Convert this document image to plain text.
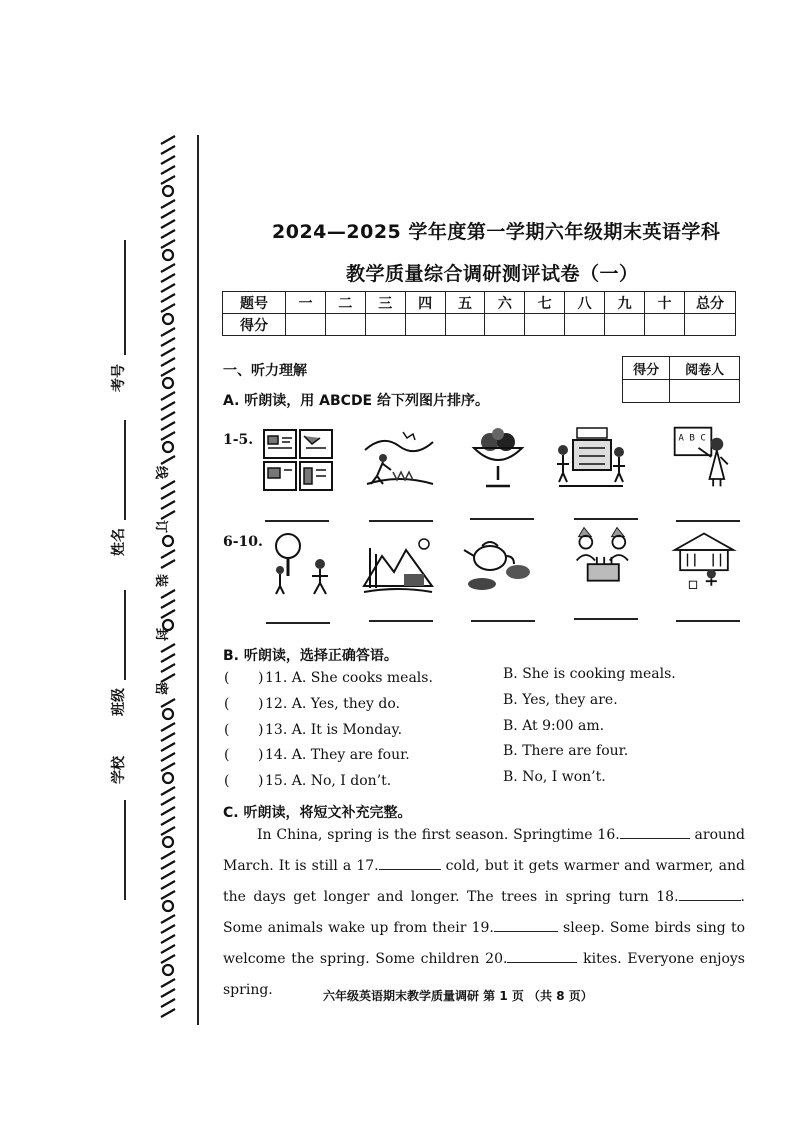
考号
姓名
班级
学校
线
订
装
封
密
2024—2025 学年度第一学期六年级期末英语学科
教学质量综合调研测评试卷（一）
题号	一	二	三	四	五	六	七	八	九	十	总分
得分											
得分	阅卷人

一、听力理解
A. 听朗读，用 ABCDE 给下列图片排序。
1-5.
6-10.
A B C
B. 听朗读，选择正确答语。
( ) 11. A. She cooks meals.	B. She is cooking meals.
( ) 12. A. Yes, they do.	B. Yes, they are.
( ) 13. A. It is Monday.	B. At 9:00 am.
( ) 14. A. They are four.	B. There are four.
( ) 15. A. No, I don’t.	B. No, I won’t.
C. 听朗读，将短文补充完整。
In China, spring is the first season. Springtime 16.	around March. It is still a 17.	cold, but it gets warmer and warmer, and the days get longer and longer. The trees in spring turn 18.	. Some animals wake up from their 19.	sleep. Some birds sing to welcome the spring. Some children 20.	kites. Everyone enjoys spring.	六年级英语期末教学质量调研 第 1 页 （共 8 页）
